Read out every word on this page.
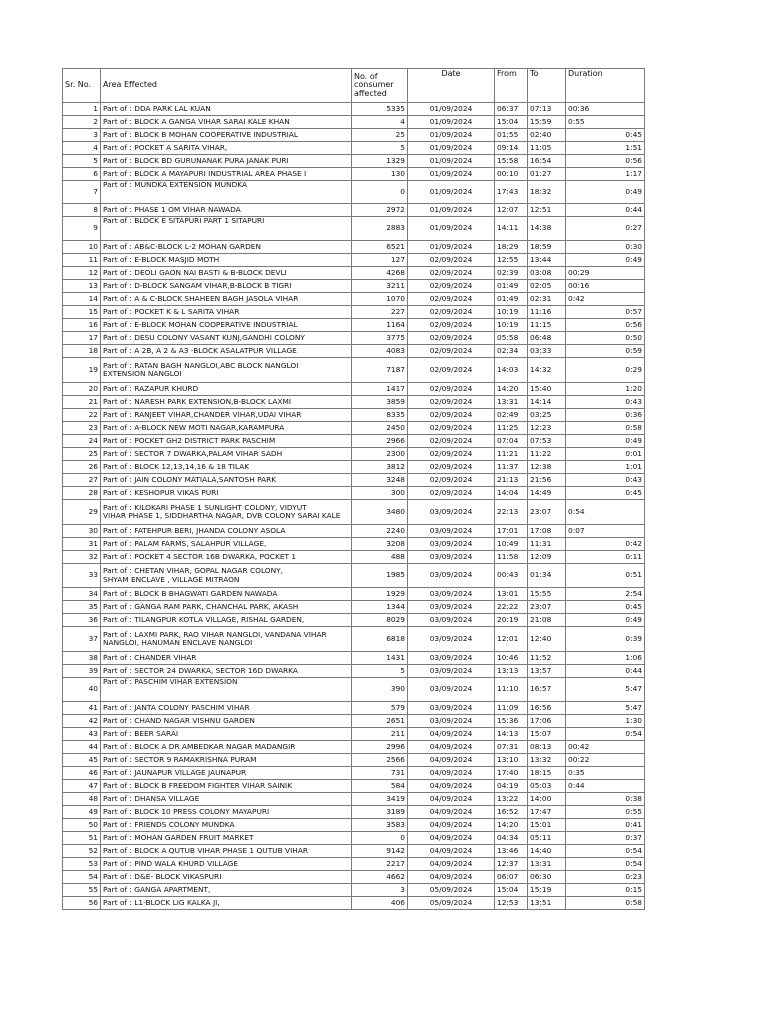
Sr. No.	Area Effected	No. of consumer affected	Date	From	To	Duration
1	Part of : DDA PARK LAL KUAN	5335	01/09/2024	06:37	07:13	00:36
2	Part of : BLOCK A GANGA VIHAR SARAI KALE KHAN	4	01/09/2024	15:04	15:59	0:55
3	Part of : BLOCK B MOHAN COOPERATIVE INDUSTRIAL	25	01/09/2024	01:55	02:40	0:45
4	Part of : POCKET A SARITA VIHAR,	5	01/09/2024	09:14	11:05	1:51
5	Part of : BLOCK BD GURUNANAK PURA JANAK PURI	1329	01/09/2024	15:58	16:54	0:56
6	Part of : BLOCK A MAYAPURI INDUSTRIAL AREA PHASE I	130	01/09/2024	00:10	01:27	1:17
7	Part of : MUNDKA EXTENSION MUNDKA	0	01/09/2024	17:43	18:32	0:49
8	Part of : PHASE 1 OM VIHAR NAWADA	2972	01/09/2024	12:07	12:51	0:44
9	Part of : BLOCK E SITAPURI PART 1 SITAPURI	2883	01/09/2024	14:11	14:38	0:27
10	Part of : AB&C-BLOCK L-2 MOHAN GARDEN	6521	01/09/2024	18:29	18:59	0:30
11	Part of : E-BLOCK MASJID MOTH	127	02/09/2024	12:55	13:44	0:49
12	Part of : DEOLI GAON NAI BASTI & B-BLOCK DEVLI	4268	02/09/2024	02:39	03:08	00:29
13	Part of : D-BLOCK SANGAM VIHAR,B-BLOCK B TIGRI	3211	02/09/2024	01:49	02:05	00:16
14	Part of : A & C-BLOCK SHAHEEN BAGH JASOLA VIHAR	1070	02/09/2024	01:49	02:31	0:42
15	Part of : POCKET K & L SARITA VIHAR	227	02/09/2024	10:19	11:16	0:57
16	Part of : E-BLOCK MOHAN COOPERATIVE INDUSTRIAL	1164	02/09/2024	10:19	11:15	0:56
17	Part of : DESU COLONY VASANT KUNJ,GANDHI COLONY	3775	02/09/2024	05:58	06:48	0:50
18	Part of : A 2B, A 2 & A3 -BLOCK ASALATPUR VILLAGE	4083	02/09/2024	02:34	03:33	0:59
19	Part of : RATAN BAGH NANGLOI,ABC BLOCK NANGLOI
EXTENSION NANGLOI	7187	02/09/2024	14:03	14:32	0:29
20	Part of : RAZAPUR KHURD	1417	02/09/2024	14:20	15:40	1:20
21	Part of : NARESH PARK EXTENSION,B-BLOCK LAXMI	3859	02/09/2024	13:31	14:14	0:43
22	Part of : RANJEET VIHAR,CHANDER VIHAR,UDAI VIHAR	8335	02/09/2024	02:49	03:25	0:36
23	Part of : A-BLOCK NEW MOTI NAGAR,KARAMPURA	2450	02/09/2024	11:25	12:23	0:58
24	Part of : POCKET GH2 DISTRICT PARK PASCHIM	2966	02/09/2024	07:04	07:53	0:49
25	Part of : SECTOR 7 DWARKA,PALAM VIHAR SADH	2300	02/09/2024	11:21	11:22	0:01
26	Part of : BLOCK 12,13,14,16 & 18 TILAK	3812	02/09/2024	11:37	12:38	1:01
27	Part of : JAIN COLONY MATIALA,SANTOSH PARK	3248	02/09/2024	21:13	21:56	0:43
28	Part of : KESHOPUR VIKAS PURI	300	02/09/2024	14:04	14:49	0:45
29	Part of : KILOKARI PHASE 1 SUNLIGHT COLONY, VIDYUT
VIHAR PHASE 1, SIDDHARTHA NAGAR, DVB COLONY SARAI KALE	3480	03/09/2024	22:13	23:07	0:54
30	Part of : FATEHPUR BERI, JHANDA COLONY ASOLA	2240	03/09/2024	17:01	17:08	0:07
31	Part of : PALAM FARMS, SALAHPUR VILLAGE,	3208	03/09/2024	10:49	11:31	0:42
32	Part of : POCKET 4 SECTOR 16B DWARKA, POCKET 1	488	03/09/2024	11:58	12:09	0:11
33	Part of : CHETAN VIHAR, GOPAL NAGAR COLONY,
SHYAM ENCLAVE , VILLAGE MITRAON	1985	03/09/2024	00:43	01:34	0:51
34	Part of : BLOCK B BHAGWATI GARDEN NAWADA	1929	03/09/2024	13:01	15:55	2:54
35	Part of : GANGA RAM PARK, CHANCHAL PARK, AKASH	1344	03/09/2024	22:22	23:07	0:45
36	Part of : TILANGPUR KOTLA VILLAGE, RISHAL GARDEN,	8029	03/09/2024	20:19	21:08	0:49
37	Part of : LAXMI PARK, RAO VIHAR NANGLOI, VANDANA VIHAR
NANGLOI, HANUMAN ENCLAVE NANGLOI	6818	03/09/2024	12:01	12:40	0:39
38	Part of : CHANDER VIHAR	1431	03/09/2024	10:46	11:52	1:06
39	Part of : SECTOR 24 DWARKA, SECTOR 16D DWARKA	5	03/09/2024	13:13	13:57	0:44
40	Part of : PASCHIM VIHAR EXTENSION	390	03/09/2024	11:10	16:57	5:47
41	Part of : JANTA COLONY PASCHIM VIHAR	579	03/09/2024	11:09	16:56	5:47
42	Part of : CHAND NAGAR VISHNU GARDEN	2651	03/09/2024	15:36	17:06	1:30
43	Part of : BEER SARAI	211	04/09/2024	14:13	15:07	0:54
44	Part of : BLOCK A DR AMBEDKAR NAGAR MADANGIR	2996	04/09/2024	07:31	08:13	00:42
45	Part of : SECTOR 9 RAMAKRISHNA PURAM	2566	04/09/2024	13:10	13:32	00:22
46	Part of : JAUNAPUR VILLAGE JAUNAPUR	731	04/09/2024	17:40	18:15	0:35
47	Part of : BLOCK B FREEDOM FIGHTER VIHAR SAINIK	584	04/09/2024	04:19	05:03	0:44
48	Part of : DHANSA VILLAGE	3419	04/09/2024	13:22	14:00	0:38
49	Part of : BLOCK 10 PRESS COLONY MAYAPURI	3189	04/09/2024	16:52	17:47	0:55
50	Part of : FRIENDS COLONY MUNDKA	3583	04/09/2024	14:20	15:01	0:41
51	Part of : MOHAN GARDEN FRUIT MARKET	0	04/09/2024	04:34	05:11	0:37
52	Part of : BLOCK A QUTUB VIHAR PHASE 1 QUTUB VIHAR	9142	04/09/2024	13:46	14:40	0:54
53	Part of : PIND WALA KHURD VILLAGE	2217	04/09/2024	12:37	13:31	0:54
54	Part of : D&E- BLOCK VIKASPURI	4662	04/09/2024	06:07	06:30	0:23
55	Part of : GANGA APARTMENT,	3	05/09/2024	15:04	15:19	0:15
56	Part of : L1-BLOCK LIG KALKA JI,	406	05/09/2024	12:53	13:51	0:58
